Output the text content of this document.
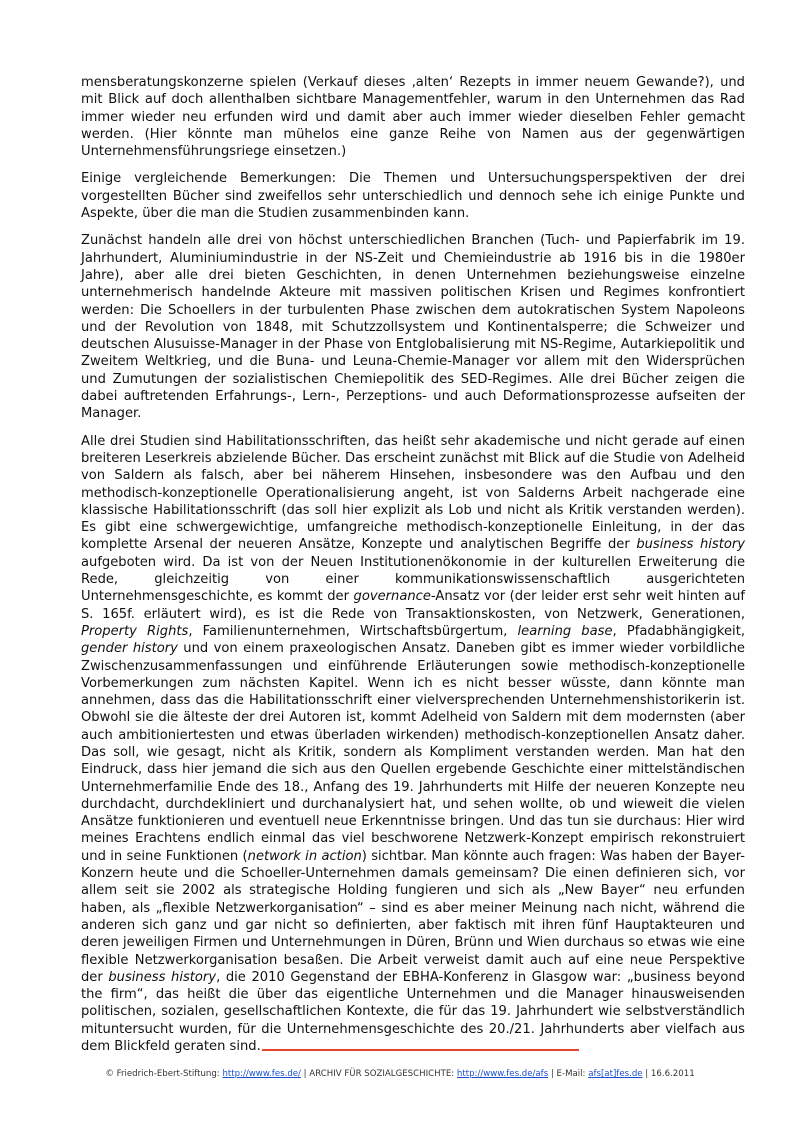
mensberatungskonzerne spielen (Verkauf dieses ‚alten‘ Rezepts in immer neuem Gewande?), und mit Blick auf doch allenthalben sichtbare Managementfehler, warum in den Unternehmen das Rad immer wieder neu erfunden wird und damit aber auch immer wieder dieselben Fehler gemacht werden. (Hier könnte man mühelos eine ganze Reihe von Namen aus der gegenwärtigen Unternehmensführungsriege einsetzen.)

Einige vergleichende Bemerkungen: Die Themen und Untersuchungsperspektiven der drei vorgestellten Bücher sind zweifellos sehr unterschiedlich und dennoch sehe ich einige Punkte und Aspekte, über die man die Studien zusammenbinden kann.

Zunächst handeln alle drei von höchst unterschiedlichen Branchen (Tuch- und Papierfabrik im 19. Jahrhundert, Aluminiumindustrie in der NS-Zeit und Chemieindustrie ab 1916 bis in die 1980er Jahre), aber alle drei bieten Geschichten, in denen Unternehmen beziehungsweise einzelne unternehmerisch handelnde Akteure mit massiven politischen Krisen und Regimes konfrontiert werden: Die Schoellers in der turbulenten Phase zwischen dem autokratischen System Napoleons und der Revolution von 1848, mit Schutzzollsystem und Kontinentalsperre; die Schweizer und deutschen Alusuisse-Manager in der Phase von Entglobalisierung mit NS-Regime, Autarkiepolitik und Zweitem Weltkrieg, und die Buna- und Leuna-Chemie-Manager vor allem mit den Widersprüchen und Zumutungen der sozialistischen Chemiepolitik des SED-Regimes. Alle drei Bücher zeigen die dabei auftretenden Erfahrungs-, Lern-, Perzeptions- und auch Deformationsprozesse aufseiten der Manager.

Alle drei Studien sind Habilitationsschriften, das heißt sehr akademische und nicht gerade auf einen breiteren Leserkreis abzielende Bücher. Das erscheint zunächst mit Blick auf die Studie von Adelheid von Saldern als falsch, aber bei näherem Hinsehen, insbesondere was den Aufbau und den methodisch-konzeptionelle Operationalisierung angeht, ist von Salderns Arbeit nachgerade eine klassische Habilitationsschrift (das soll hier explizit als Lob und nicht als Kritik verstanden werden). Es gibt eine schwergewichtige, umfangreiche methodisch-konzeptionelle Einleitung, in der das komplette Arsenal der neueren Ansätze, Konzepte und analytischen Begriffe der business history aufgeboten wird. Da ist von der Neuen Institutionenökonomie in der kulturellen Erweiterung die Rede, gleichzeitig von einer kommunikationswissenschaftlich ausgerichteten Unternehmensgeschichte, es kommt der governance-Ansatz vor (der leider erst sehr weit hinten auf S. 165f. erläutert wird), es ist die Rede von Transaktionskosten, von Netzwerk, Generationen, Property Rights, Familienunternehmen, Wirtschaftsbürgertum, learning base, Pfadabhängigkeit, gender history und von einem praxeologischen Ansatz. Daneben gibt es immer wieder vorbildliche Zwischenzusammenfassungen und einführende Erläuterungen sowie methodisch-konzeptionelle Vorbemerkungen zum nächsten Kapitel. Wenn ich es nicht besser wüsste, dann könnte man annehmen, dass das die Habilitationsschrift einer vielversprechenden Unternehmenshistorikerin ist. Obwohl sie die älteste der drei Autoren ist, kommt Adelheid von Saldern mit dem modernsten (aber auch ambitioniertesten und etwas überladen wirkenden) methodisch-konzeptionellen Ansatz daher. Das soll, wie gesagt, nicht als Kritik, sondern als Kompliment verstanden werden. Man hat den Eindruck, dass hier jemand die sich aus den Quellen ergebende Geschichte einer mittelständischen Unternehmerfamilie Ende des 18., Anfang des 19. Jahrhunderts mit Hilfe der neueren Konzepte neu durchdacht, durchdekliniert und durchanalysiert hat, und sehen wollte, ob und wieweit die vielen Ansätze funktionieren und eventuell neue Erkenntnisse bringen. Und das tun sie durchaus: Hier wird meines Erachtens endlich einmal das viel beschworene Netzwerk-Konzept empirisch rekonstruiert und in seine Funktionen (network in action) sichtbar. Man könnte auch fragen: Was haben der Bayer-Konzern heute und die Schoeller-Unternehmen damals gemeinsam? Die einen definieren sich, vor allem seit sie 2002 als strategische Holding fungieren und sich als „New Bayer“ neu erfunden haben, als „flexible Netzwerkorganisation“ – sind es aber meiner Meinung nach nicht, während die anderen sich ganz und gar nicht so definierten, aber faktisch mit ihren fünf Hauptakteuren und deren jeweiligen Firmen und Unternehmungen in Düren, Brünn und Wien durchaus so etwas wie eine flexible Netzwerkorganisation besaßen. Die Arbeit verweist damit auch auf eine neue Perspektive der business history, die 2010 Gegenstand der EBHA-Konferenz in Glasgow war: „business beyond the firm“, das heißt die über das eigentliche Unternehmen und die Manager hinausweisenden politischen, sozialen, gesellschaftlichen Kontexte, die für das 19. Jahrhundert wie selbstverständlich mituntersucht wurden, für die Unternehmensgeschichte des 20./21. Jahrhunderts aber vielfach aus dem Blickfeld geraten sind.

© Friedrich-Ebert-Stiftung: http://www.fes.de/ | ARCHIV FÜR SOZIALGESCHICHTE: http://www.fes.de/afs | E-Mail: afs[at]fes.de | 16.6.2011
